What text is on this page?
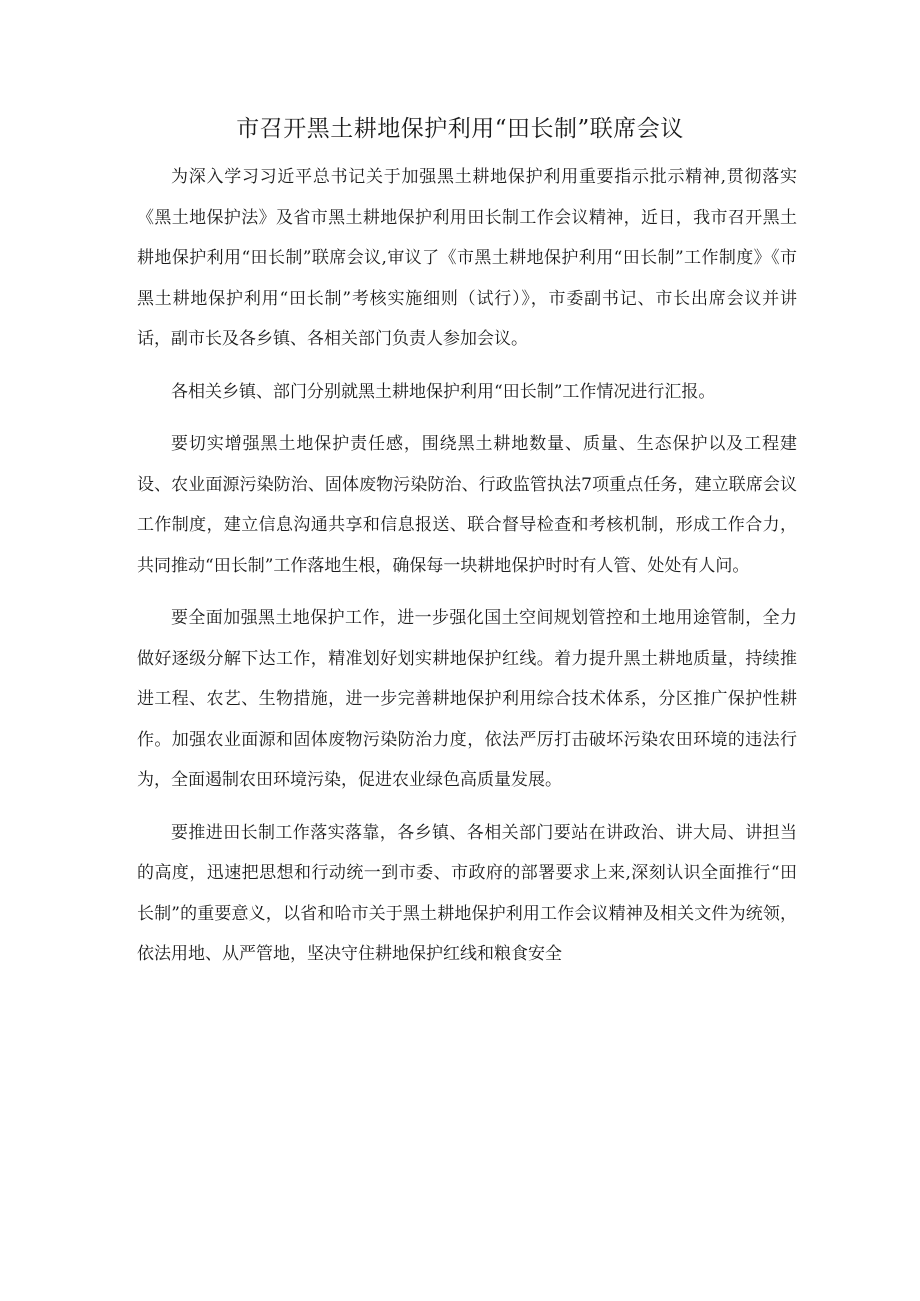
市召开黑土耕地保护利用“田长制”联席会议

为深入学习习近平总书记关于加强黑土耕地保护利用重要指示批示精神,贯彻落实《黑土地保护法》及省市黑土耕地保护利用田长制工作会议精神，近日，我市召开黑土耕地保护利用“田长制”联席会议,审议了《市黑土耕地保护利用“田长制”工作制度》《市黑土耕地保护利用“田长制”考核实施细则（试行）》，市委副书记、市长出席会议并讲话，副市长及各乡镇、各相关部门负责人参加会议。

各相关乡镇、部门分别就黑土耕地保护利用“田长制”工作情况进行汇报。

要切实增强黑土地保护责任感，围绕黑土耕地数量、质量、生态保护以及工程建设、农业面源污染防治、固体废物污染防治、行政监管执法7项重点任务，建立联席会议工作制度，建立信息沟通共享和信息报送、联合督导检查和考核机制，形成工作合力，共同推动“田长制”工作落地生根，确保每一块耕地保护时时有人管、处处有人问。

要全面加强黑土地保护工作，进一步强化国土空间规划管控和土地用途管制，全力做好逐级分解下达工作，精准划好划实耕地保护红线。着力提升黑土耕地质量，持续推进工程、农艺、生物措施，进一步完善耕地保护利用综合技术体系，分区推广保护性耕作。加强农业面源和固体废物污染防治力度，依法严厉打击破坏污染农田环境的违法行为，全面遏制农田环境污染，促进农业绿色高质量发展。

要推进田长制工作落实落靠，各乡镇、各相关部门要站在讲政治、讲大局、讲担当的高度，迅速把思想和行动统一到市委、市政府的部署要求上来,深刻认识全面推行“田长制”的重要意义，以省和哈市关于黑土耕地保护利用工作会议精神及相关文件为统领，依法用地、从严管地，坚决守住耕地保护红线和粮食安全
